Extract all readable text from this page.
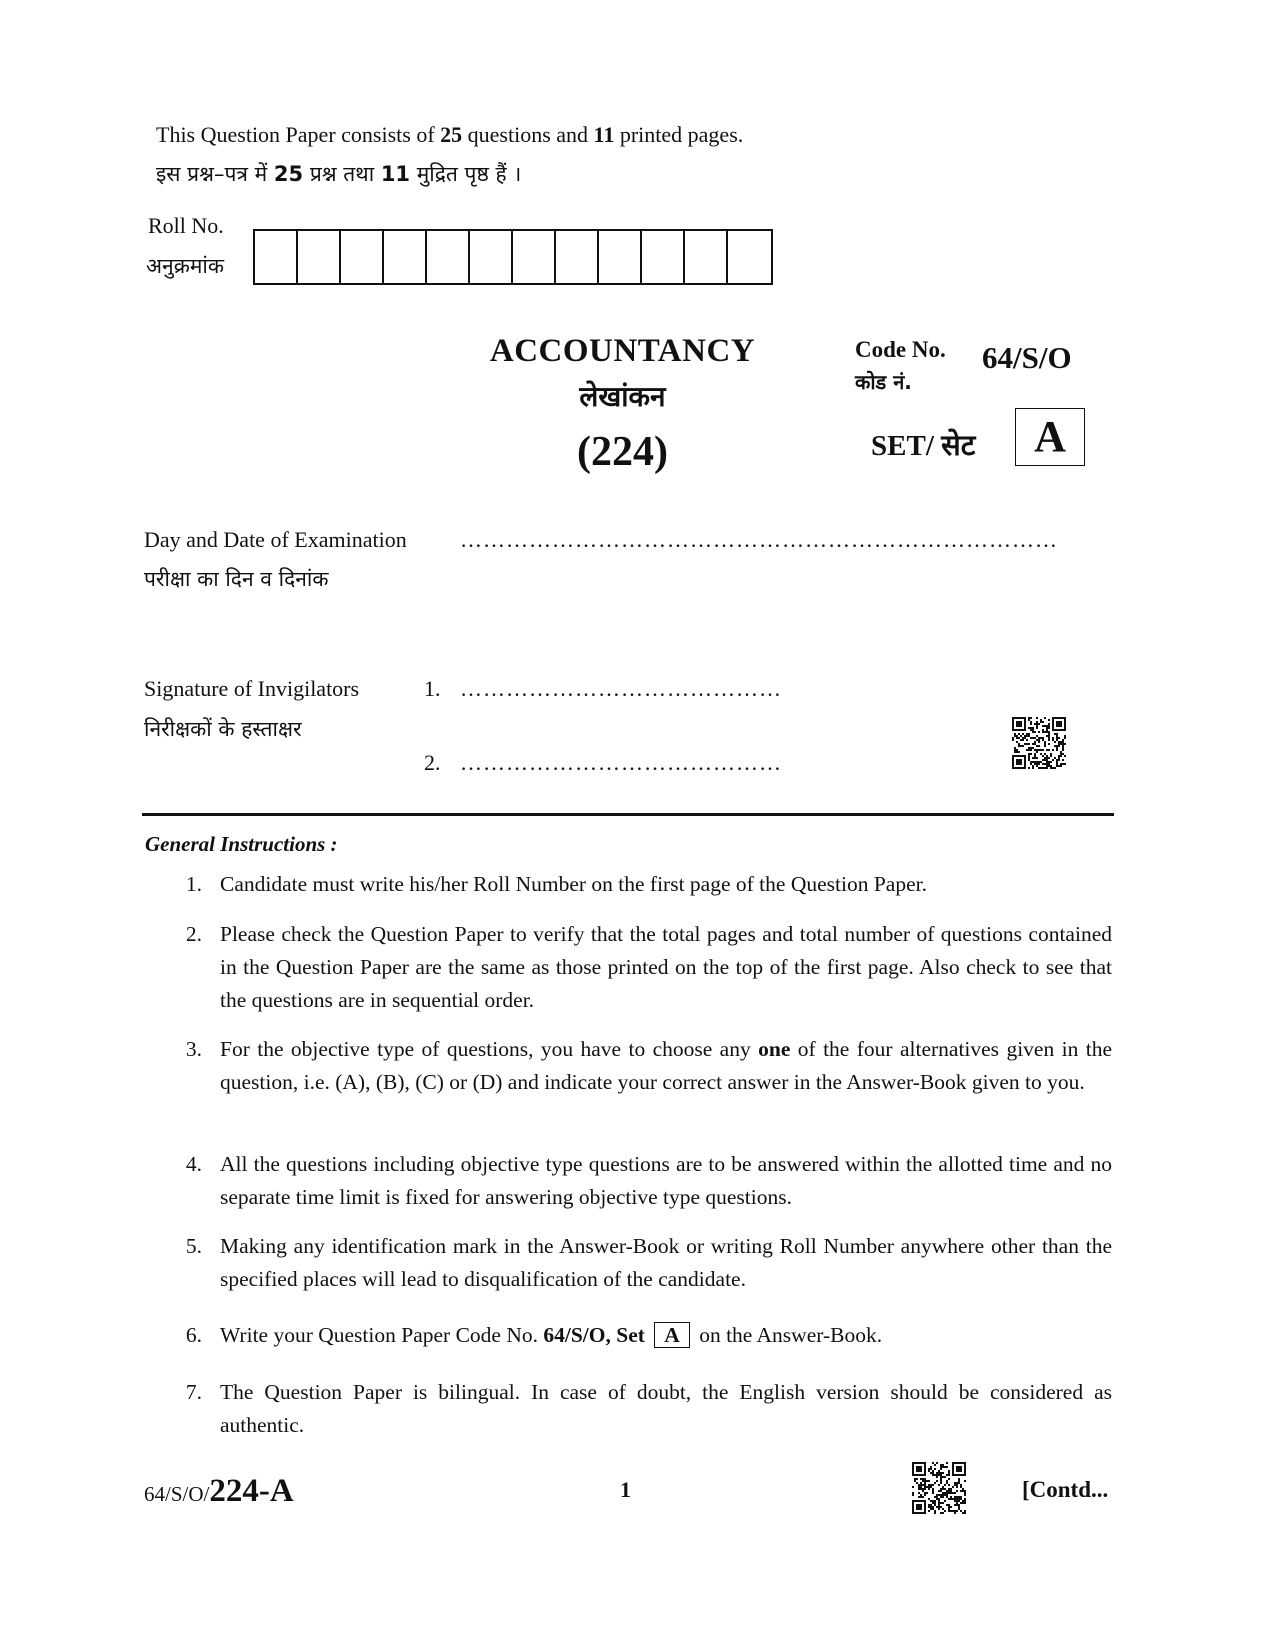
This Question Paper consists of 25 questions and 11 printed pages.
इस प्रश्न–पत्र में 25 प्रश्न तथा 11 मुद्रित पृष्ठ हैं ।
Roll No.
अनुक्रमांक
ACCOUNTANCY
लेखांकन
(224)
Code No.
कोड नं.
64/S/O
SET/ सेट	A
Day and Date of Examination
परीक्षा का दिन व दिनांक
……………………………………………………………………
Signature of Invigilators
निरीक्षकों के हस्ताक्षर
1. ……………………………………
2. ……………………………………
General Instructions :
1. Candidate must write his/her Roll Number on the first page of the Question Paper.
2. Please check the Question Paper to verify that the total pages and total number of questions contained in the Question Paper are the same as those printed on the top of the first page. Also check to see that the questions are in sequential order.
3. For the objective type of questions, you have to choose any one of the four alternatives given in the question, i.e. (A), (B), (C) or (D) and indicate your correct answer in the Answer-Book given to you.
4. All the questions including objective type questions are to be answered within the allotted time and no separate time limit is fixed for answering objective type questions.
5. Making any identification mark in the Answer-Book or writing Roll Number anywhere other than the specified places will lead to disqualification of the candidate.
6. Write your Question Paper Code No. 64/S/O, Set A on the Answer-Book.
7. The Question Paper is bilingual. In case of doubt, the English version should be considered as authentic.
64/S/O/224-A	1	[Contd...
